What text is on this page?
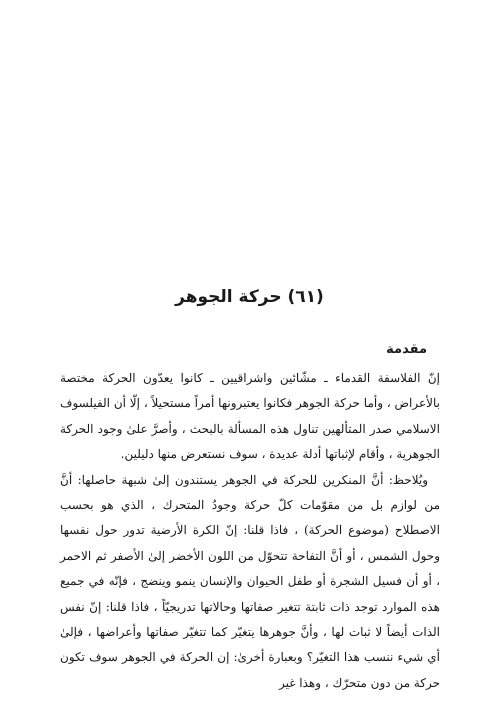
(٦١) حركة الجوهر
مقدمة

إنّ الفلاسفة القدماء ـ مشّائين واشراقيين ـ كانوا يعدّون الحركة مختصة بالأعراض ، وأما حركة الجوهر فكانوا يعتبرونها أمراً مستحيلاً ، إلّا أن الفيلسوف الاسلامي صدر المتألهين تناول هذه المسألة بالبحث ، وأصرَّ علىٰ وجود الحركة الجوهرية ، وأقام لإثباتها أدلة عديدة ، سوف نستعرض منها دليلين.

ويُلاحظ: أنَّ المنكرين للحركة في الجوهر يستندون إلىٰ شبهة حاصلها: أنَّ من لوازم بل من مقوّمات كلّ حركة وجودُ المتحرك ، الذي هو بحسب الاصطلاح (موضوع الحركة) ، فاذا قلنا: إنّ الكرة الأرضية تدور حول نفسها وحول الشمس ، أو أنَّ التفاحة تتحوّل من اللون الأخضر إلىٰ الأصفر ثم الاحمر ، أو أن فسيل الشجرة أو طفل الحيوان والإنسان ينمو وينضج ، فإنّه في جميع هذه الموارد توجد ذات ثابتة تتغير صفاتها وحالاتها تدريجيّاً ، فاذا قلنا: إنّ نفس الذات أيضاً لا ثبات لها ، وأنَّ جوهرها يتغيّر كما تتغيّر صفاتها وأعراضها ، فإلىٰ أي شيء ننسب هذا التغيّر؟ وبعبارة أخرىٰ: إن الحركة في الجوهر سوف تكون حركة من دون متحرّك ، وهذا غير
